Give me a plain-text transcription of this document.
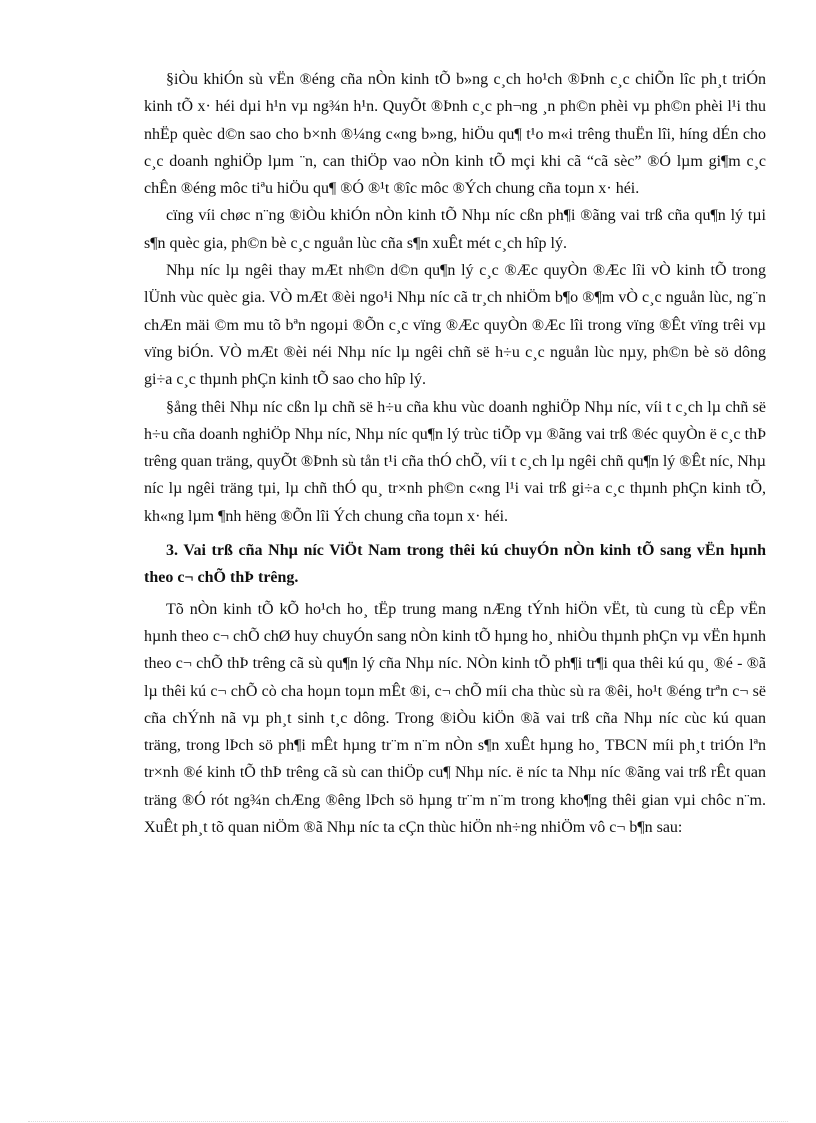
§iÒu khiÓn sù vËn ®éng cña nÒn kinh tÕ b»ng c¸ch ho¹ch ®Þnh c¸c chiÕn lîc ph¸t triÓn kinh tÕ x· héi dµi h¹n vµ ng¾n h¹n. QuyÕt ®Þnh c¸c ph¬ng ¸n ph©n phèi vµ ph©n phèi l¹i thu nhËp quèc d©n sao cho b×nh ®¼ng c«ng b»ng, hiÖu qu¶ t¹o m«i trêng thuËn lîi, híng dÉn cho c¸c doanh nghiÖp lµm ¨n, can thiÖp vao nÒn kinh tÕ mçi khi cã “cã sèc” ®Ó lµm gi¶m c¸c chÊn ®éng môc tiªu hiÖu qu¶ ®Ó ®¹t ®îc môc ®Ých chung cña toµn x· héi.

cïng víi chøc n¨ng ®iÒu khiÓn nÒn kinh tÕ Nhµ níc cßn ph¶i ®ãng vai trß cña qu¶n lý tµi s¶n quèc gia, ph©n bè c¸c nguån lùc cña s¶n xuÊt mét c¸ch hîp lý.

Nhµ níc lµ ngêi thay mÆt nh©n d©n qu¶n lý c¸c ®Æc quyÒn ®Æc lîi vÒ kinh tÕ trong lÜnh vùc quèc gia. VÒ mÆt ®èi ngo¹i Nhµ níc cã tr¸ch nhiÖm b¶o ®¶m vÒ c¸c nguån lùc, ng¨n chÆn mäi ©m mu tõ bªn ngoµi ®Õn c¸c vïng ®Æc quyÒn ®Æc lîi trong vïng ®Êt vïng trêi vµ vïng biÓn. VÒ mÆt ®èi néi Nhµ níc lµ ngêi chñ së h÷u c¸c nguån lùc nµy, ph©n bè sö dông gi÷a c¸c thµnh phÇn kinh tÕ sao cho hîp lý.

§ång thêi Nhµ níc cßn lµ chñ së h÷u cña khu vùc doanh nghiÖp Nhµ níc, víi t c¸ch lµ chñ së h÷u cña doanh nghiÖp Nhµ níc, Nhµ níc qu¶n lý trùc tiÕp vµ ®ãng vai trß ®éc quyÒn ë c¸c thÞ trêng quan träng, quyÕt ®Þnh sù tån t¹i cña thÓ chÕ, víi t c¸ch lµ ngêi chñ qu¶n lý ®Êt níc, Nhµ níc lµ ngêi träng tµi, lµ chñ thÓ qu¸ tr×nh ph©n c«ng l¹i vai trß gi÷a c¸c thµnh phÇn kinh tÕ, kh«ng lµm ¶nh hëng ®Õn lîi Ých chung cña toµn x· héi.

3. Vai trß cña Nhµ níc ViÖt Nam trong thêi kú chuyÓn nÒn kinh tÕ sang vËn hµnh theo c¬ chÕ thÞ trêng.

Tõ nÒn kinh tÕ kÕ ho¹ch ho¸ tËp trung mang nÆng tÝnh hiÖn vËt, tù cung tù cÊp vËn hµnh theo c¬ chÕ chØ huy chuyÓn sang nÒn kinh tÕ hµng ho¸ nhiÒu thµnh phÇn vµ vËn hµnh theo c¬ chÕ thÞ trêng cã sù qu¶n lý cña Nhµ níc. NÒn kinh tÕ ph¶i tr¶i qua thêi kú qu¸ ®é - ®ã lµ thêi kú c¬ chÕ cò cha hoµn toµn mÊt ®i, c¬ chÕ míi cha thùc sù ra ®êi, ho¹t ®éng trªn c¬ së cña chÝnh nã vµ ph¸t sinh t¸c dông. Trong ®iÒu kiÖn ®ã vai trß cña Nhµ níc cùc kú quan träng, trong lÞch sö ph¶i mÊt hµng tr¨m n¨m nÒn s¶n xuÊt hµng ho¸ TBCN míi ph¸t triÓn lªn tr×nh ®é kinh tÕ thÞ trêng cã sù can thiÖp cu¶ Nhµ níc. ë níc ta Nhµ níc ®ãng vai trß rÊt quan träng ®Ó rót ng¾n chÆng ®êng lÞch sö hµng tr¨m n¨m trong kho¶ng thêi gian vµi chôc n¨m. XuÊt ph¸t tõ quan niÖm ®ã Nhµ níc ta cÇn thùc hiÖn nh÷ng nhiÖm vô c¬ b¶n sau:
